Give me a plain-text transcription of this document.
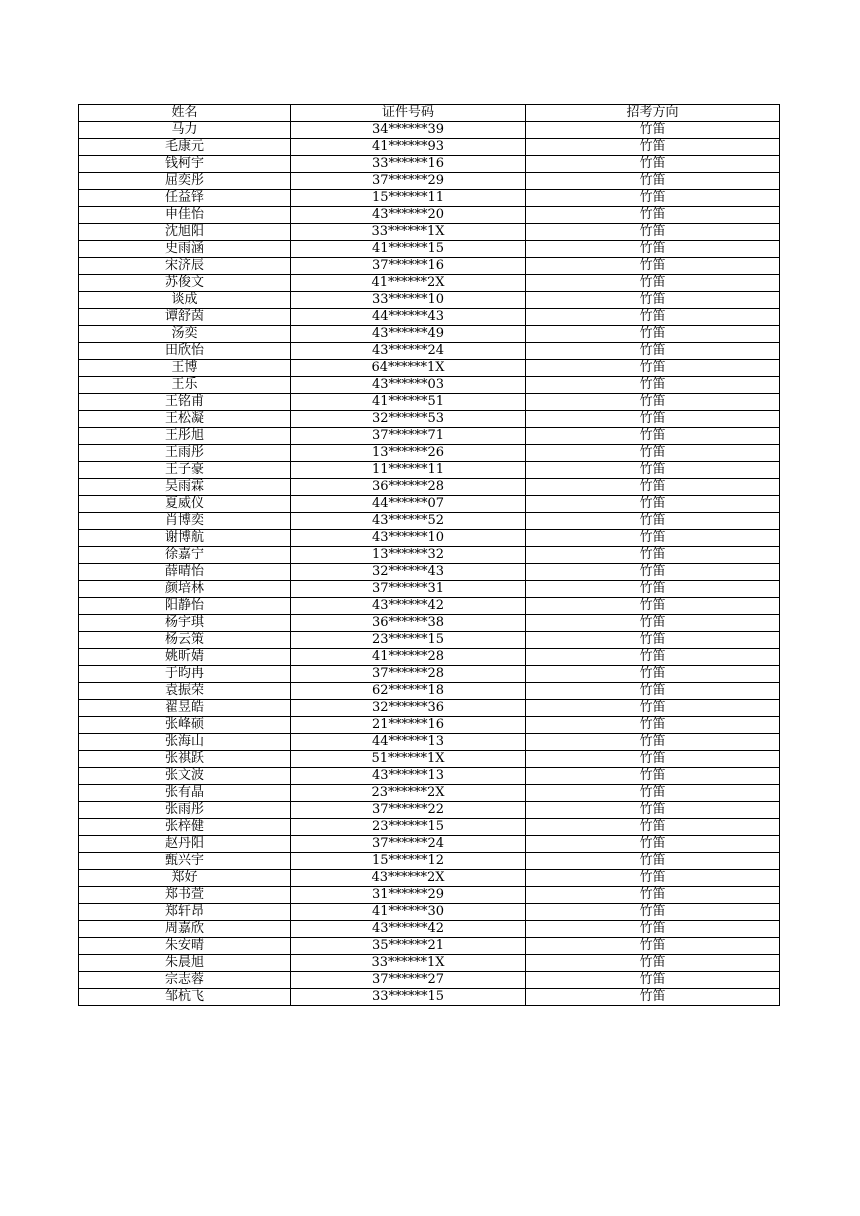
姓名	证件号码	招考方向
马力	34******39	竹笛
毛康元	41******93	竹笛
钱柯宇	33******16	竹笛
屈奕彤	37******29	竹笛
任益铎	15******11	竹笛
申佳怡	43******20	竹笛
沈旭阳	33******1X	竹笛
史雨涵	41******15	竹笛
宋济辰	37******16	竹笛
苏俊文	41******2X	竹笛
谈成	33******10	竹笛
谭舒茵	44******43	竹笛
汤奕	43******49	竹笛
田欣怡	43******24	竹笛
王博	64******1X	竹笛
王乐	43******03	竹笛
王铭甫	41******51	竹笛
王松凝	32******53	竹笛
王彤旭	37******71	竹笛
王雨彤	13******26	竹笛
王子豪	11******11	竹笛
吴雨霖	36******28	竹笛
夏威仪	44******07	竹笛
肖博奕	43******52	竹笛
谢博航	43******10	竹笛
徐嘉宁	13******32	竹笛
薛晴怡	32******43	竹笛
颜培林	37******31	竹笛
阳静怡	43******42	竹笛
杨宇琪	36******38	竹笛
杨云策	23******15	竹笛
姚昕婧	41******28	竹笛
于昀冉	37******28	竹笛
袁振荣	62******18	竹笛
翟昱皓	32******36	竹笛
张峰硕	21******16	竹笛
张海山	44******13	竹笛
张祺跃	51******1X	竹笛
张文波	43******13	竹笛
张有晶	23******2X	竹笛
张雨彤	37******22	竹笛
张梓健	23******15	竹笛
赵丹阳	37******24	竹笛
甄兴宇	15******12	竹笛
郑好	43******2X	竹笛
郑书萱	31******29	竹笛
郑轩昂	41******30	竹笛
周嘉欣	43******42	竹笛
朱安晴	35******21	竹笛
朱晨旭	33******1X	竹笛
宗志蓉	37******27	竹笛
邹杭飞	33******15	竹笛
